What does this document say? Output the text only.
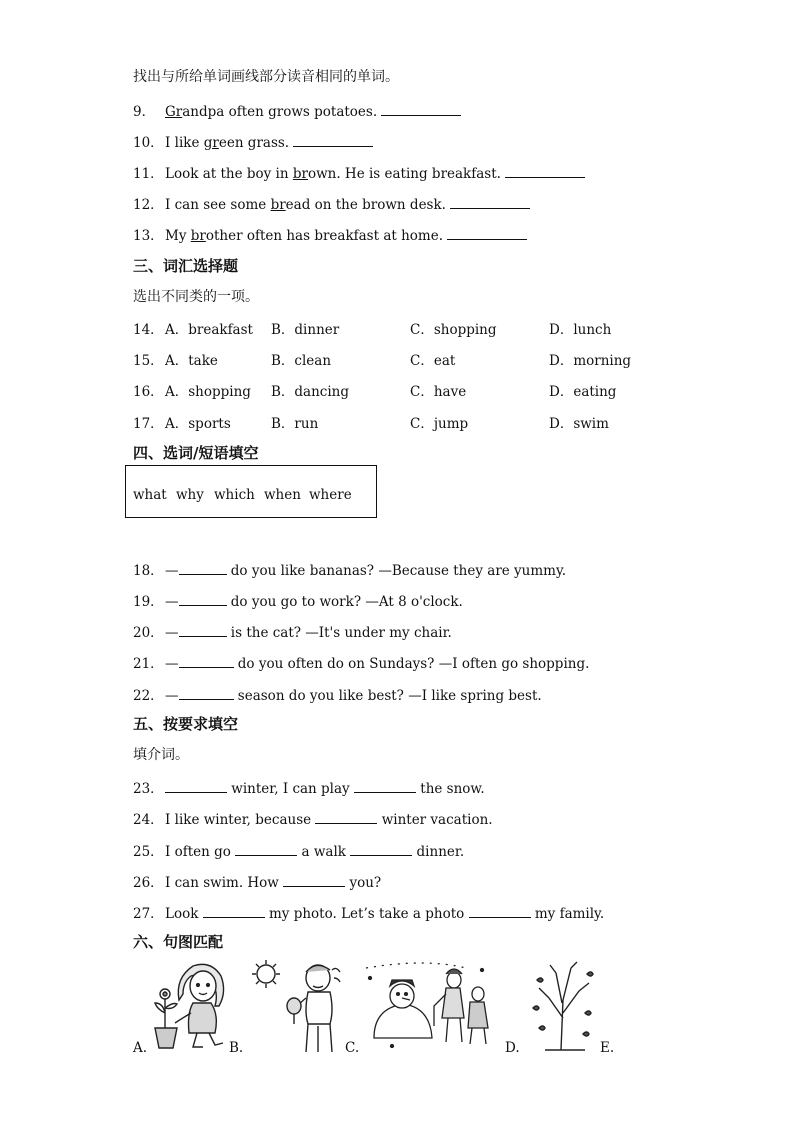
找出与所给单词画线部分读音相同的单词。
9． Grandpa often grows potatoes.
10．I like green grass.
11．Look at the boy in brown. He is eating breakfast.
12．I can see some bread on the brown desk.
13．My brother often has breakfast at home.
三、词汇选择题
选出不同类的一项。
14． A．breakfast B．dinner	C．shopping	D．lunch
15． A．take	B．clean	C．eat	D．morning
16． A．shopping B．dancing	C．have	D．eating
17． A．sports	B．run	C．jump	D．swim
四、选词/短语填空
what why which when where
18．—	do you like bananas? —Because they are yummy.
19．—	do you go to work? —At 8 o'clock.
20．—	is the cat? —It's under my chair.
21．—	do you often do on Sundays? —I often go shopping.
22．—	season do you like best? —I like spring best.
五、按要求填空
填介词。
23．	winter, I can play	the snow.
24．I like winter, because	winter vacation.
25．I often go	a walk	dinner.
26．I can swim. How	you?
27．Look	my photo. Let’s take a photo	my family.
六、句图匹配
A.	B.	C.	D.	E.
